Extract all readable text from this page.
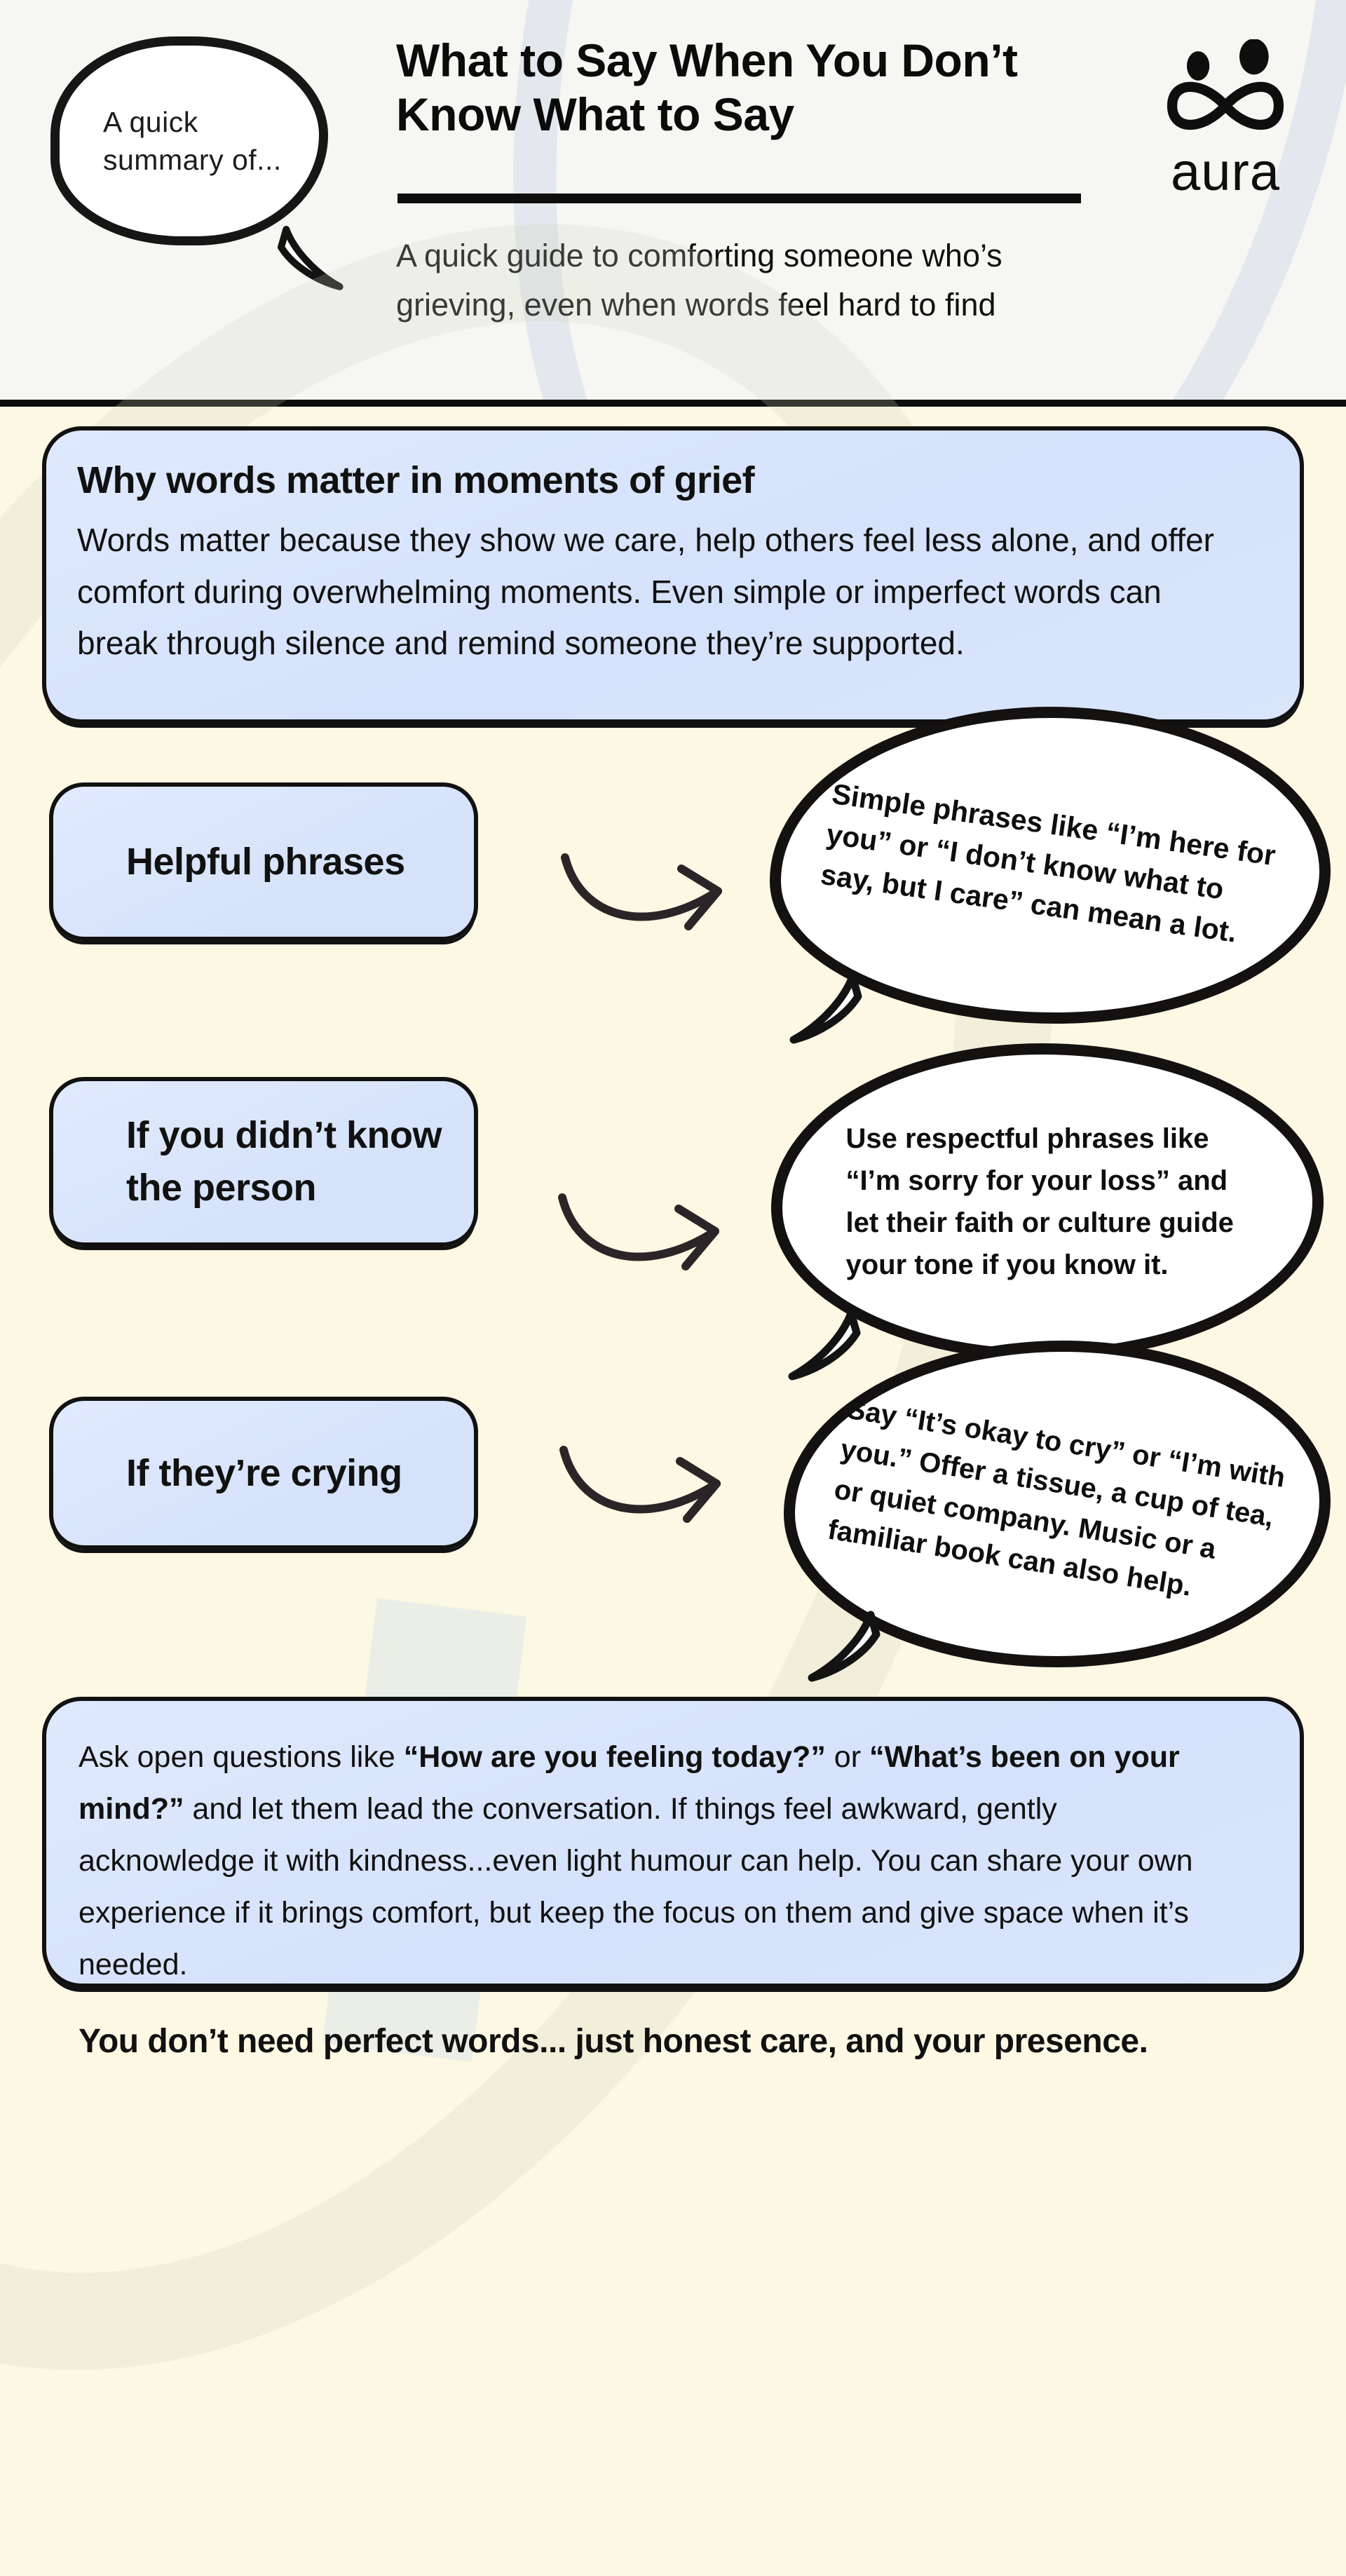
A quick summary of...
What to Say When You Don’t
Know What to Say
A quick guide to comforting someone who’s grieving, even when words feel hard to find
aura
Why words matter in moments of grief
Words matter because they show we care, help others feel less alone, and offer comfort during overwhelming moments. Even simple or imperfect words can break through silence and remind someone they’re supported.
Helpful phrases
If you didn’t know the person
If they’re crying
Simple phrases like “I’m here for you” or “I don’t know what to say, but I care” can mean a lot.
Use respectful phrases like “I’m sorry for your loss” and let their faith or culture guide your tone if you know it.
Say “It’s okay to cry” or “I’m with you.” Offer a tissue, a cup of tea, or quiet company. Music or a familiar book can also help.
Ask open questions like “How are you feeling today?” or “What’s been on your mind?” and let them lead the conversation. If things feel awkward, gently acknowledge it with kindness...even light humour can help. You can share your own experience if it brings comfort, but keep the focus on them and give space when it’s needed.
You don’t need perfect words... just honest care, and your presence.
